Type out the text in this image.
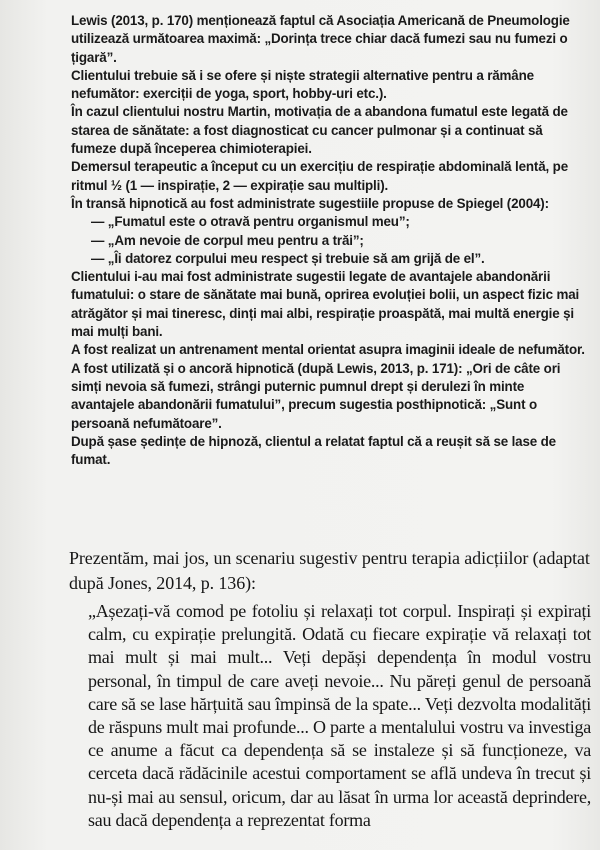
Lewis (2013, p. 170) menționează faptul că Asociația Americană de Pneumologie utilizează următoarea maximă: „Dorința trece chiar dacă fumezi sau nu fumezi o țigară”.

Clientului trebuie să i se ofere și niște strategii alternative pentru a rămâne nefumător: exerciții de yoga, sport, hobby-uri etc.).

În cazul clientului nostru Martin, motivația de a abandona fumatul este legată de starea de sănătate: a fost diagnosticat cu cancer pulmonar și a continuat să fumeze după începerea chimioterapiei.

Demersul terapeutic a început cu un exercițiu de respirație abdominală lentă, pe ritmul ½ (1 — inspirație, 2 — expirație sau multipli).

În transă hipnotică au fost administrate sugestiile propuse de Spiegel (2004):

— „Fumatul este o otravă pentru organismul meu”;

— „Am nevoie de corpul meu pentru a trăi”;

— „Îi datorez corpului meu respect și trebuie să am grijă de el”.

Clientului i-au mai fost administrate sugestii legate de avantajele abandonării fumatului: o stare de sănătate mai bună, oprirea evoluției bolii, un aspect fizic mai atrăgător și mai tineresc, dinți mai albi, respirație proaspătă, mai multă energie și mai mulți bani.

A fost realizat un antrenament mental orientat asupra imaginii ideale de nefumător.

A fost utilizată și o ancoră hipnotică (după Lewis, 2013, p. 171): „Ori de câte ori simți nevoia să fumezi, strângi puternic pumnul drept și derulezi în minte avantajele abandonării fumatului”, precum sugestia posthipnotică: „Sunt o persoană nefumătoare”.

După șase ședințe de hipnoză, clientul a relatat faptul că a reușit să se lase de fumat.

Prezentăm, mai jos, un scenariu sugestiv pentru terapia adicțiilor (adaptat după Jones, 2014, p. 136):

„Așezați-vă comod pe fotoliu și relaxați tot corpul. Inspirați și expirați calm, cu expirație prelungită. Odată cu fiecare expirație vă relaxați tot mai mult și mai mult... Veți depăși dependența în modul vostru personal, în timpul de care aveți nevoie... Nu păreți genul de persoană care să se lase hărțuită sau împinsă de la spate... Veți dezvolta modalități de răspuns mult mai profunde... O parte a mentalului vostru va investiga ce anume a făcut ca dependența să se instaleze și să funcționeze, va cerceta dacă rădăcinile acestui comportament se află undeva în trecut și nu-și mai au sensul, oricum, dar au lăsat în urma lor această deprindere, sau dacă dependența a reprezentat forma
